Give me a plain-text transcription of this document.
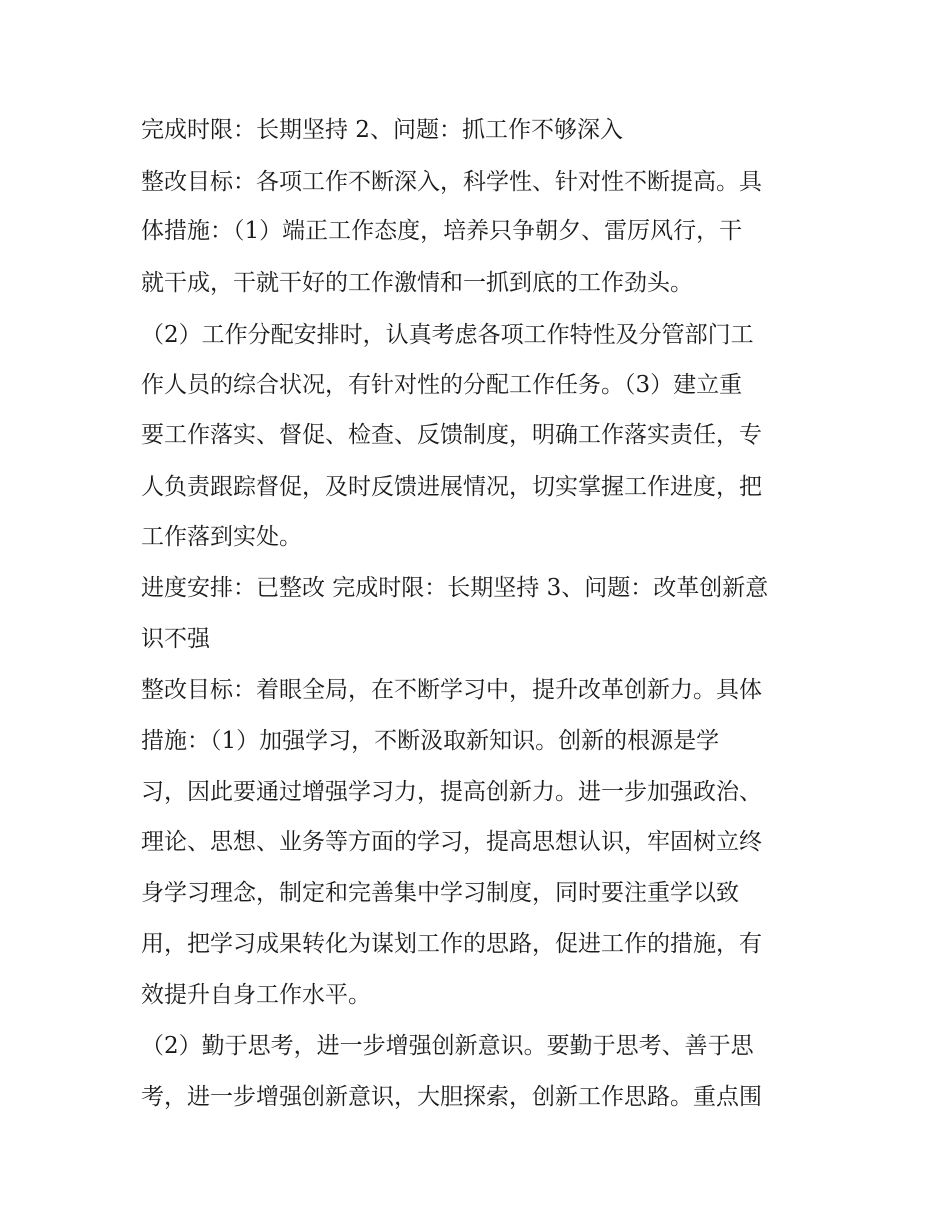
完成时限：长期坚持 2、问题：抓工作不够深入
整改目标：各项工作不断深入，科学性、针对性不断提高。具
体措施：（1）端正工作态度，培养只争朝夕、雷厉风行，干
就干成，干就干好的工作激情和一抓到底的工作劲头。
（2）工作分配安排时，认真考虑各项工作特性及分管部门工
作人员的综合状况，有针对性的分配工作任务。（3）建立重
要工作落实、督促、检查、反馈制度，明确工作落实责任，专
人负责跟踪督促，及时反馈进展情况，切实掌握工作进度，把
工作落到实处。
进度安排：已整改 完成时限：长期坚持 3、问题：改革创新意
识不强
整改目标：着眼全局，在不断学习中，提升改革创新力。具体
措施：（1）加强学习，不断汲取新知识。创新的根源是学
习，因此要通过增强学习力，提高创新力。进一步加强政治、
理论、思想、业务等方面的学习，提高思想认识，牢固树立终
身学习理念，制定和完善集中学习制度，同时要注重学以致
用，把学习成果转化为谋划工作的思路，促进工作的措施，有
效提升自身工作水平。
（2）勤于思考，进一步增强创新意识。要勤于思考、善于思
考，进一步增强创新意识，大胆探索，创新工作思路。重点围
